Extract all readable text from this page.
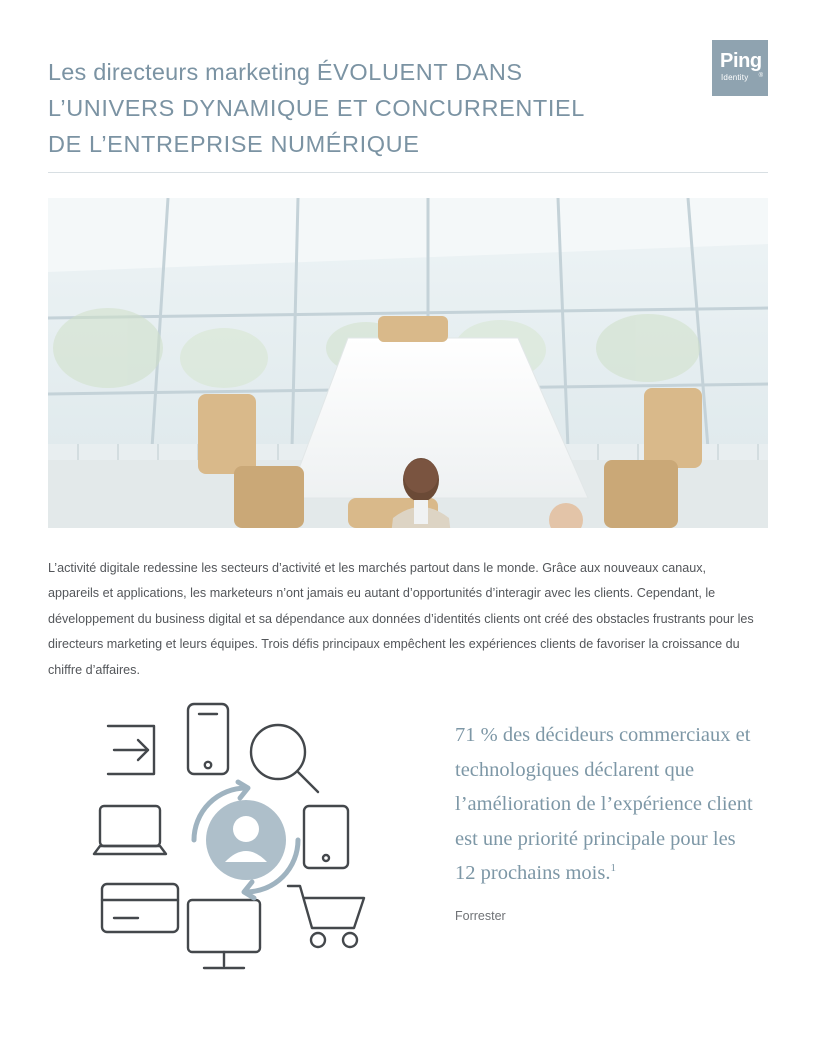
Les directeurs marketing ÉVOLUENT DANS
L’UNIVERS DYNAMIQUE ET CONCURRENTIEL
DE L’ENTREPRISE NUMÉRIQUE
Ping
Identity ®

L’activité digitale redessine les secteurs d’activité et les marchés partout dans le monde. Grâce aux nouveaux canaux, appareils et applications, les marketeurs n’ont jamais eu autant d’opportunités d’interagir avec les clients. Cependant, le développement du business digital et sa dépendance aux données d’identités clients ont créé des obstacles frustrants pour les directeurs marketing et leurs équipes. Trois défis principaux empêchent les expériences clients de favoriser la croissance du chiffre d’affaires.

71 % des décideurs commerciaux et technologiques déclarent que l’amélioration de l’expérience client est une priorité principale pour les 12 prochains mois.$^1$
Forrester
